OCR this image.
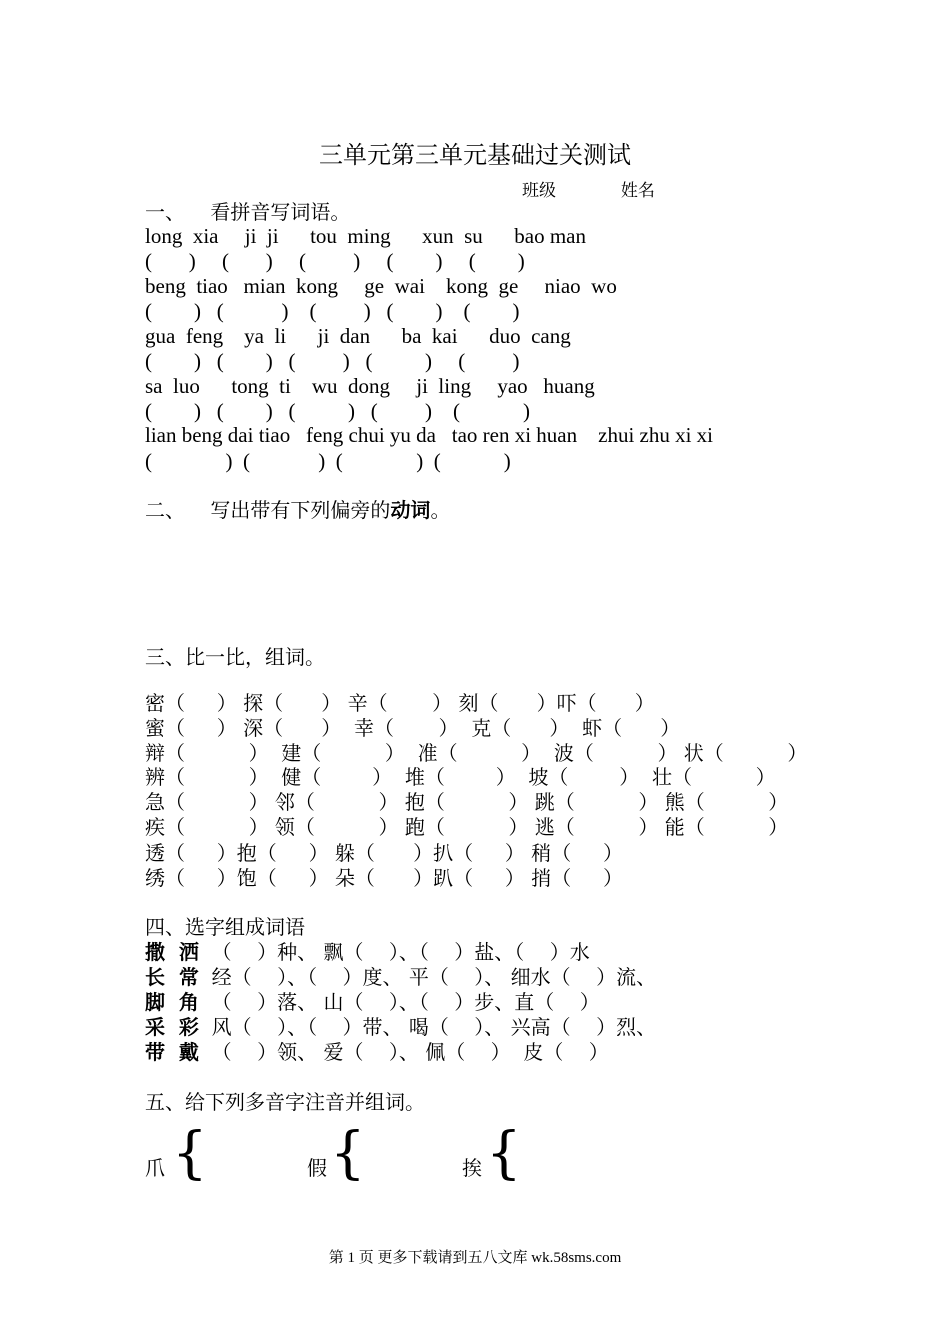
三单元第三单元基础过关测试
班级            姓名
一、    看拼音写词语。
long  xia     ji  ji      tou  ming      xun  su      bao man
(       )     (       )     (         )     (        )     (        )
beng  tiao   mian  kong     ge  wai    kong  ge     niao  wo
(        )   (           )    (         )   (        )    (        )
gua  feng    ya  li      ji  dan      ba  kai      duo  cang
(        )   (        )   (         )   (          )     (         )
sa  luo      tong  ti    wu  dong     ji  ling     yao   huang
(        )   (        )   (          )   (         )    (            )
lian beng dai tiao   feng chui yu da   tao ren xi huan    zhui zhu xi xi
(              )  (             )  (              )  (            )
二、    写出带有下列偏旁的动词。
三、比一比，组词。
密（     ） 探（      ） 辛（       ） 刻（      ）吓（      ）
蜜（     ） 深（      ）  幸（       ）  克（      ）  虾（      ）
辩（          ）  建（          ）  准（          ）  波（          ） 状（          ）
辨（          ）  健（        ）  堆（        ）  坡（        ）  壮（          ）
急（          ） 邻（          ） 抱（          ） 跳（          ） 熊（          ）
疾（          ） 领（          ） 跑（          ） 逃（          ） 能（          ）
透（     ）抱（     ） 躲（      ）扒（     ） 稍（     ）
绣（     ）饱（     ） 朵（      ）趴（     ） 捎（     ）
四、选字组成词语
撒  洒  （    ）种、 飘（    ）、（    ）盐、（    ）水
长  常  经（    ）、（    ）度、 平（    ）、 细水（    ）流、
脚  角  （    ）落、 山（    ）、（    ）步、直（    ）
采  彩  风（    ）、（    ）带、 喝（    ）、 兴高（    ）烈、
带  戴  （    ）领、 爱（    ）、 佩（    ）  皮（    ）
五、给下列多音字注音并组词。
爪 {	假 {	挨 {
第 1 页 更多下载请到五八文库 wk.58sms.com
